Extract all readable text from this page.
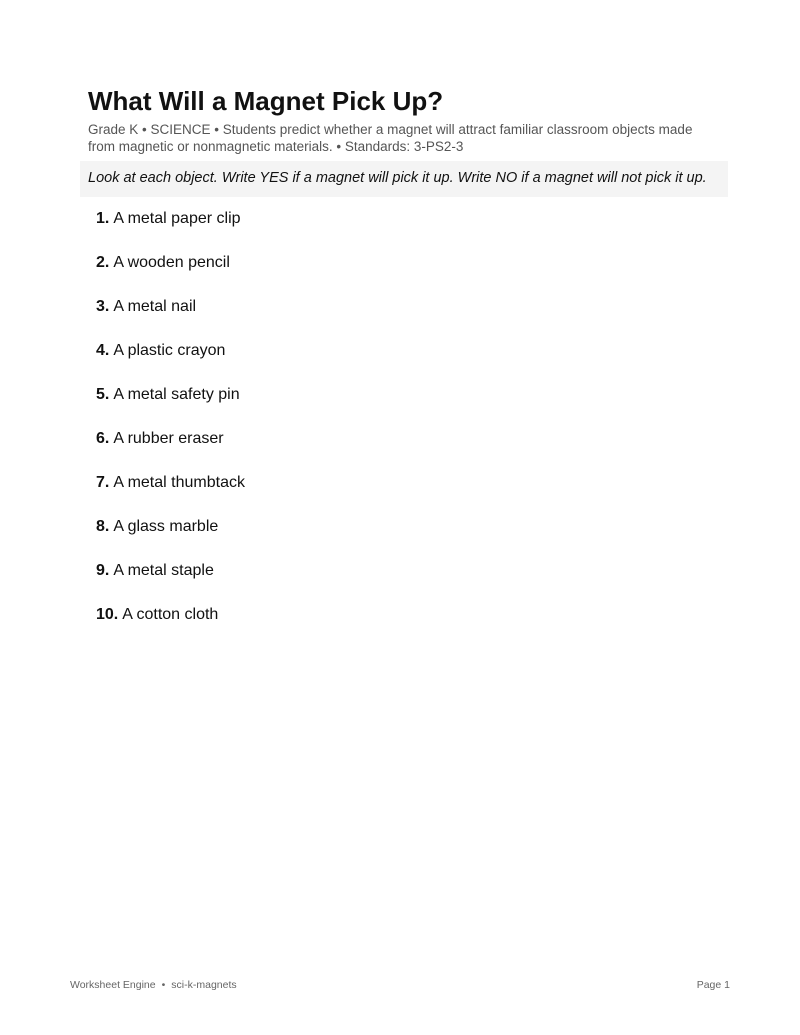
What Will a Magnet Pick Up?
Grade K • SCIENCE • Students predict whether a magnet will attract familiar classroom objects made from magnetic or nonmagnetic materials. • Standards: 3-PS2-3
Look at each object. Write YES if a magnet will pick it up. Write NO if a magnet will not pick it up.
1. A metal paper clip
2. A wooden pencil
3. A metal nail
4. A plastic crayon
5. A metal safety pin
6. A rubber eraser
7. A metal thumbtack
8. A glass marble
9. A metal staple
10. A cotton cloth
Worksheet Engine • sci-k-magnets	Page 1
